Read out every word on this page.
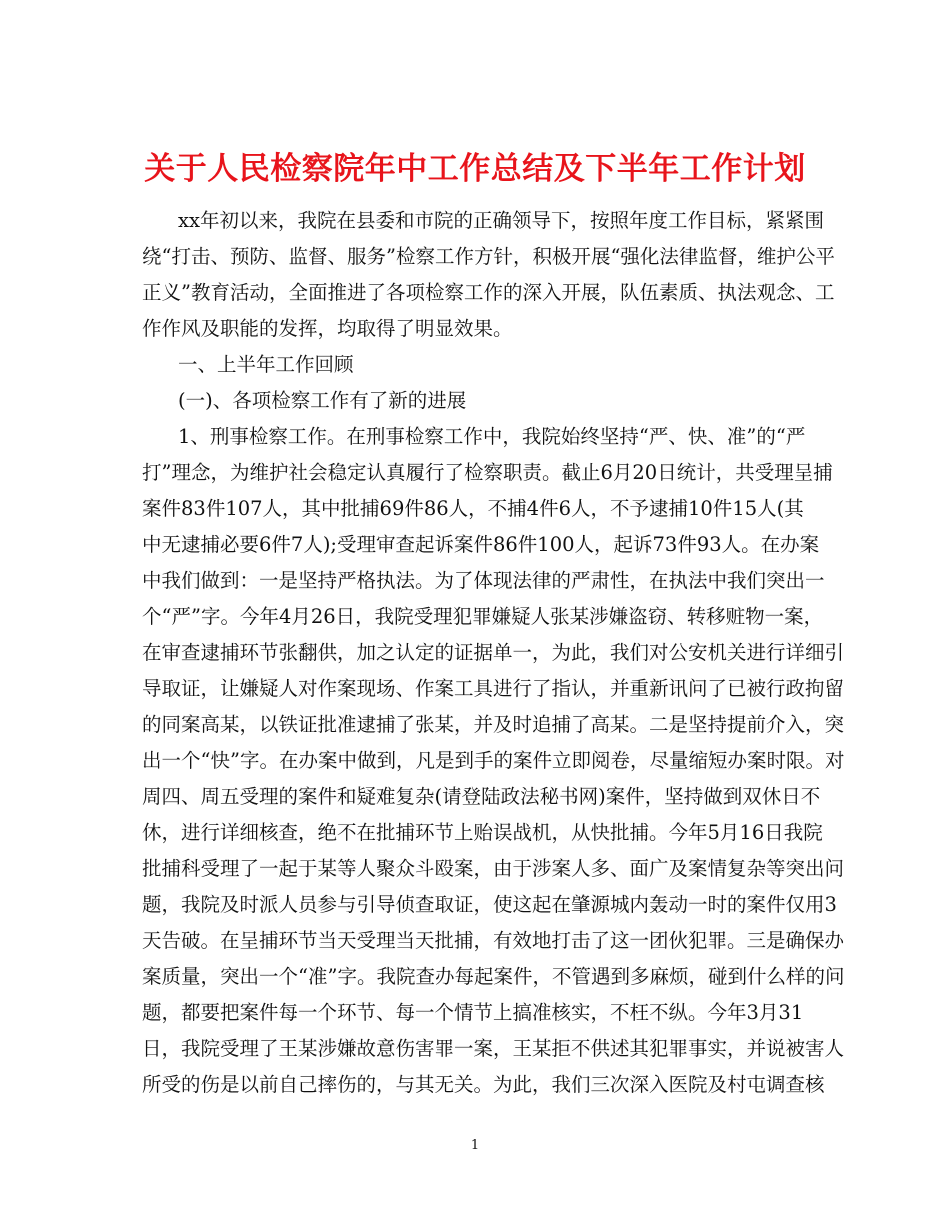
关于人民检察院年中工作总结及下半年工作计划
xx年初以来，我院在县委和市院的正确领导下，按照年度工作目标，紧紧围
绕“打击、预防、监督、服务”检察工作方针，积极开展“强化法律监督，维护公平
正义”教育活动，全面推进了各项检察工作的深入开展，队伍素质、执法观念、工
作作风及职能的发挥，均取得了明显效果。
一、上半年工作回顾
(一)、各项检察工作有了新的进展
1、刑事检察工作。在刑事检察工作中，我院始终坚持“严、快、准”的“严
打”理念，为维护社会稳定认真履行了检察职责。截止6月20日统计，共受理呈捕
案件83件107人，其中批捕69件86人，不捕4件6人，不予逮捕10件15人(其
中无逮捕必要6件7人);受理审查起诉案件86件100人，起诉73件93人。在办案
中我们做到：一是坚持严格执法。为了体现法律的严肃性，在执法中我们突出一
个“严”字。今年4月26日，我院受理犯罪嫌疑人张某涉嫌盗窃、转移赃物一案，
在审查逮捕环节张翻供，加之认定的证据单一，为此，我们对公安机关进行详细引
导取证，让嫌疑人对作案现场、作案工具进行了指认，并重新讯问了已被行政拘留
的同案高某，以铁证批准逮捕了张某，并及时追捕了高某。二是坚持提前介入，突
出一个“快”字。在办案中做到，凡是到手的案件立即阅卷，尽量缩短办案时限。对
周四、周五受理的案件和疑难复杂(请登陆政法秘书网)案件，坚持做到双休日不
休，进行详细核查，绝不在批捕环节上贻误战机，从快批捕。今年5月16日我院
批捕科受理了一起于某等人聚众斗殴案，由于涉案人多、面广及案情复杂等突出问
题，我院及时派人员参与引导侦查取证，使这起在肇源城内轰动一时的案件仅用3
天告破。在呈捕环节当天受理当天批捕，有效地打击了这一团伙犯罪。三是确保办
案质量，突出一个“准”字。我院查办每起案件，不管遇到多麻烦，碰到什么样的问
题，都要把案件每一个环节、每一个情节上搞准核实，不枉不纵。今年3月31
日，我院受理了王某涉嫌故意伤害罪一案，王某拒不供述其犯罪事实，并说被害人
所受的伤是以前自己摔伤的，与其无关。为此，我们三次深入医院及村屯调查核
1
